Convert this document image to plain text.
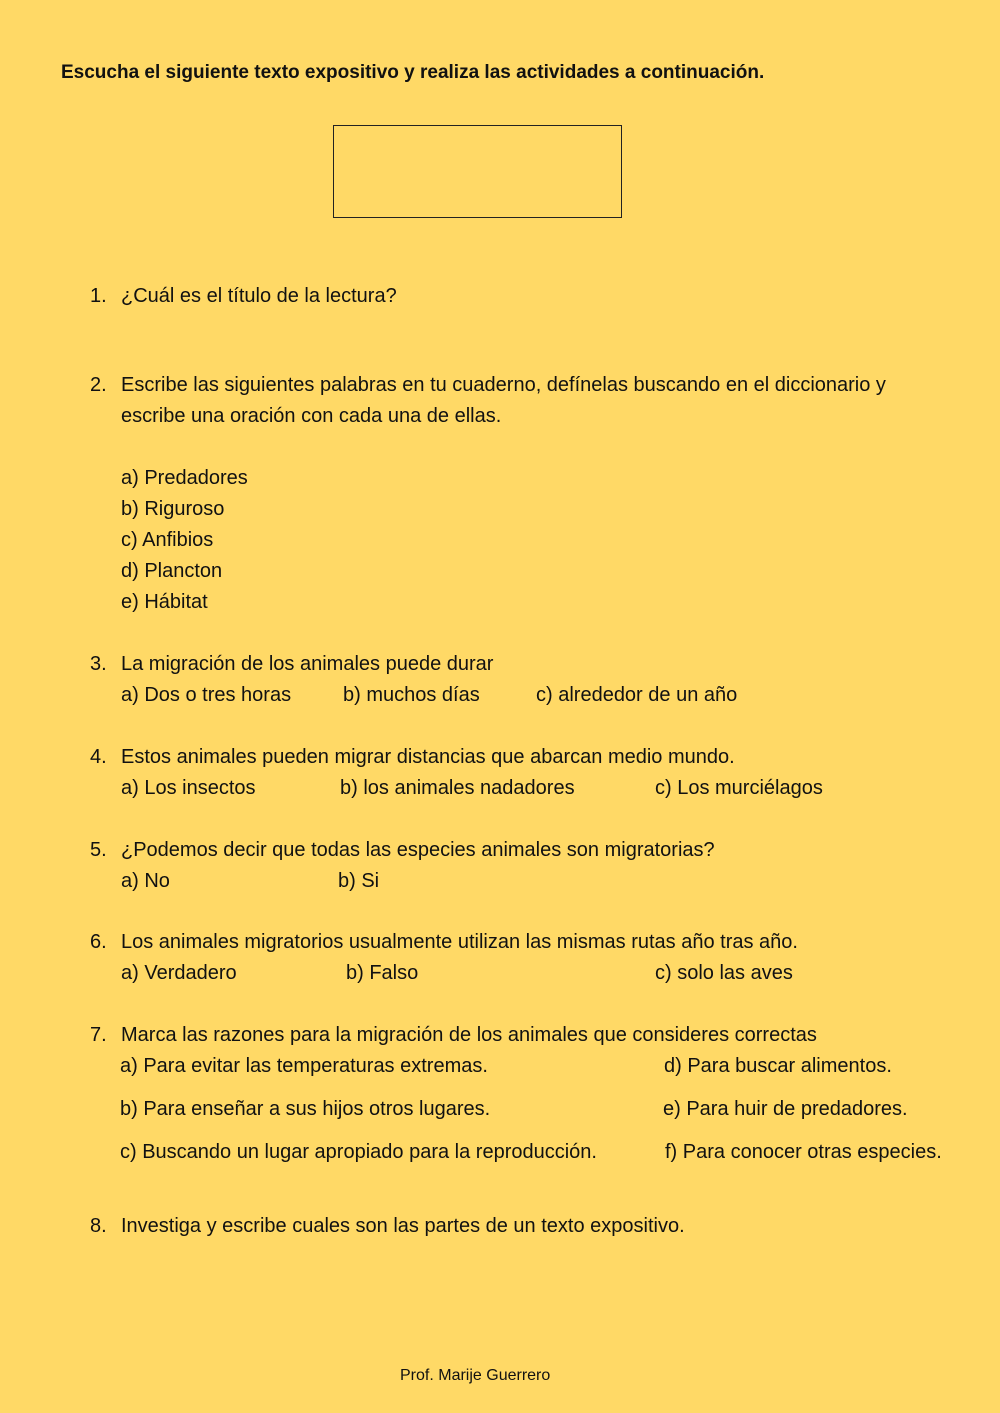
Escucha el siguiente texto expositivo y realiza las actividades a continuación.
1. ¿Cuál es el título de la lectura?
2. Escribe las siguientes palabras en tu cuaderno, defínelas buscando en el diccionario y
escribe una oración con cada una de ellas.
a) Predadores
b) Riguroso
c) Anfibios
d) Plancton
e) Hábitat
3. La migración de los animales puede durar
a) Dos o tres horas	b) muchos días	c) alrededor de un año
4. Estos animales pueden migrar distancias que abarcan medio mundo.
a) Los insectos	b) los animales nadadores	c) Los murciélagos
5. ¿Podemos decir que todas las especies animales son migratorias?
a) No	b) Si
6. Los animales migratorios usualmente utilizan las mismas rutas año tras año.
a) Verdadero	b) Falso	c) solo las aves
7. Marca las razones para la migración de los animales que consideres correctas
a) Para evitar las temperaturas extremas.	d) Para buscar alimentos.
b) Para enseñar a sus hijos otros lugares.	e) Para huir de predadores.
c) Buscando un lugar apropiado para la reproducción.	f) Para conocer otras especies.
8. Investiga y escribe cuales son las partes de un texto expositivo.
Prof. Marije Guerrero
